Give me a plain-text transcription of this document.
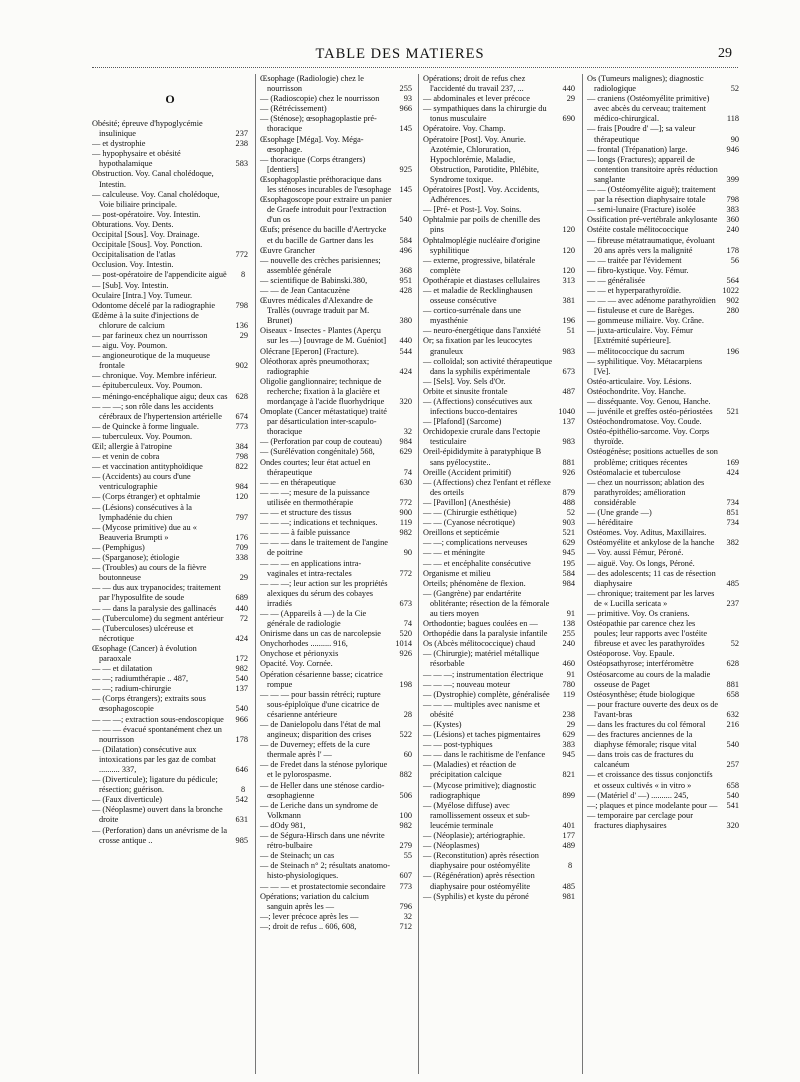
TABLE DES MATIERES	29
O
Obésité; épreuve d'hypoglycémie insulinique	237
— et dystrophie	238
— hypophysaire et obésité hypothalamique	583
Obstruction. Voy. Canal cholédoque, Intestin.
— calculeuse. Voy. Canal cholédoque, Voie biliaire principale.
— post-opératoire. Voy. Intestin.
Obturations. Voy. Dents.
Occipital [Sous]. Voy. Drainage.
Occipitale [Sous]. Voy. Ponction.
Occipitalisation de l'atlas	772
Occlusion. Voy. Intestin.
— post-opératoire de l'appendicite aiguë 8
— [Sub]. Voy. Intestin.
Oculaire [Intra.] Voy. Tumeur.
Odontome décelé par la radiographie 798
Œdème à la suite d'injections de chlorure de calcium	136
— par farineux chez un nourrisson	29
— aigu. Voy. Poumon.
— angioneurotique de la muqueuse frontale	902
— chronique. Voy. Membre inférieur.
— épituberculeux. Voy. Poumon.
— méningo-encéphalique aigu; deux cas 628
— — —; son rôle dans les accidents cérébraux de l'hypertension artérielle 674
— de Quincke à forme linguale.	773
— tuberculeux. Voy. Poumon.
Œil; allergie à l'atropine	384
— et venin de cobra	798
— et vaccination antityphoïdique	822
— (Accidents) au cours d'une ventriculographie	984
— (Corps étranger) et ophtalmie	120
— (Lésions) consécutives à la lymphadénie du chien	797
— (Mycose primitive) due au « Beauveria Brumpti »	176
— (Pemphigus)	709
— (Sparganose); étiologie	338
— (Troubles) au cours de la fièvre boutonneuse	29
— — dus aux trypanocides; traitement par l'hyposulfite de soude	689
— — dans la paralysie des gallinacés 440
— (Tuberculome) du segment antérieur 72
— (Tuberculoses) ulcéreuse et nécrotique	424
Œsophage (Cancer) à évolution paraoxale	172
— — et dilatation	982
— —; radiumthérapie .. 487,	540
— —; radium-chirurgie	137
— (Corps étrangers); extraits sous œsophagoscopie	540
— — —; extraction sous-endoscopique 966
— — — évacué spontanément chez un nourrisson	178
— (Dilatation) consécutive aux intoxications par les gaz de combat .......... 337,	646
— (Diverticule); ligature du pédicule; résection; guérison.	8
— (Faux diverticule)	542
— (Néoplasme) ouvert dans la bronche droite	631
— (Perforation) dans un anévrisme de la crosse antique ..	985
Œsophage (Radiologie) chez le nourrisson	255
— (Radioscopie) chez le nourrisson	93
— (Rétrécissement)	966
— (Sténose); œsophagoplastie pré-thoracique	145
Œsophage [Méga]. Voy. Méga-œsophage.
— thoracique (Corps étrangers) [dentiers]	925
Œsophagoplastie préthoracique dans les sténoses incurables de l'œsophage 145
Œsophagoscope pour extraire un panier de Graefe introduit pour l'extraction d'un os	540
Œufs; présence du bacille d'Aertrycke et du bacille de Gartner dans les	584
Œuvre Grancher	496
— nouvelle des crèches parisiennes; assemblée générale	368
— scientifique de Babinski.380,	951
— — de Jean Cantacuzène	428
Œuvres médicales d'Alexandre de Trallès (ouvrage traduit par M. Brunet)	380
Oiseaux - Insectes - Plantes (Aperçu sur les —) [ouvrage de M. Guéniot] 440
Olécrane [Eperon] (Fracture).	544
Oléothorax après pneumothorax; radiographie	424
Oligolie ganglionnaire; technique de recherche; fixation à la glacière et mordançage à l'acide fluorhydrique 320
Omoplate (Cancer métastatique) traité par désarticulation inter-scapulo-thoracique	32
— (Perforation par coup de couteau) 984
— (Surélévation congénitale) 568,	629
Ondes courtes; leur état actuel en thérapeutique	74
— — en thérapeutique	630
— — —; mesure de la puissance utilisée en thermothérapie	772
— — et structure des tissus	900
— — —; indications et techniques.	119
— — — à faible puissance	982
— — — dans le traitement de l'angine de poitrine	90
— — — en applications intra-vaginales et intra-rectales	772
— — —; leur action sur les propriétés alexiques du sérum des cobayes irradiés	673
— — (Appareils à —) de la Cie générale de radiologie	74
Onirisme dans un cas de narcolepsie 520
Onychorhodes .......... 916,	1014
Onychose et périonyxis	926
Opacité. Voy. Cornée.
Opération césarienne basse; cicatrice rompue	198
— — — pour bassin rétréci; rupture sous-épiploïque d'une cicatrice de césarienne antérieure	28
— de Danielopolu dans l'état de mal angineux; disparition des crises	522
— de Duverney; effets de la cure thermale après l' —	60
— de Fredet dans la sténose pylorique et le pylorospasme.	882
— de Heller dans une sténose cardio-œsophagienne	506
— de Leriche dans un syndrome de Volkmann	100
— dOdy 981,	982
— de Ségura-Hirsch dans une névrite rétro-bulbaire	279
— de Steinach; un cas	55
— de Steinach n° 2; résultats anatomo-histo-physiologiques.	607
— — — et prostatectomie secondaire 773
Opérations; variation du calcium sanguin après les —	796
—; lever précoce après les —	32
—; droit de refus .. 606, 608,	712
Opérations; droit de refus chez l'accidenté du travail 237, ...	440
— abdominales et lever précoce	29
— sympathiques dans la chirurgie du tonus musculaire	690
Opératoire. Voy. Champ.
Opératoire [Post]. Voy. Anurie. Azotémie, Chloruration, Hypochlorémie, Maladie, Obstruction, Parotidite, Phlébite, Syndrome toxique.
Opératoires [Post]. Voy. Accidents, Adhérences.
— [Pré- et Post-]. Voy. Soins.
Ophtalmie par poils de chenille des pins	120
Ophtalmoplégie nucléaire d'origine syphilitique	120
— externe, progressive, bilatérale complète	120
Opothérapie et diastases cellulaires	313
— et maladie de Recklinghausen osseuse consécutive	381
— cortico-surrénale dans une myasthénie	196
— neuro-énergétique dans l'anxiété	51
Or; sa fixation par les leucocytes granuleux	983
— colloïdal; son activité thérapeutique dans la syphilis expérimentale	673
— [Sels]. Voy. Sels d'Or.
Orbite et sinusite frontale	487
— (Affections) consécutives aux infections bucco-dentaires	1040
— [Plafond] (Sarcome)	137
Orchidopexie crurale dans l'ectopie testiculaire	983
Oreil-épididymite à paratyphique B sans pyélocystite..	881
Oreille (Accident primitif)	926
— (Affections) chez l'enfant et réflexe des orteils	879
— [Pavillon] (Anesthésie)	488
— — (Chirurgie esthétique)	52
— — (Cyanose nécrotique)	903
Oreillons et septicémie	521
— —; complications nerveuses	629
— — et méningite	945
— — et encéphalite consécutive	195
Organisme et milieu	584
Orteils; phénomène de flexion.	984
— (Gangrène) par endartérite oblitérante; résection de la fémorale au tiers moyen	91
Orthodontie; bagues coulées en —	138
Orthopédie dans la paralysie infantile 255
Os (Abcès mélitococcique) chaud	240
— (Chirurgie); matériel métallique résorbable	460
— — —; instrumentation électrique	91
— — —; nouveau moteur	780
— (Dystrophie) complète, généralisée 119
— — — multiples avec nanisme et obésité	238
— (Kystes)	29
— (Lésions) et taches pigmentaires	629
— — post-typhiques	383
— — dans le rachitisme de l'enfance 945
— (Maladies) et réaction de précipitation calcique	821
— (Mycose primitive); diagnostic radiographique	899
— (Myélose diffuse) avec ramollissement osseux et sub-leucémie terminale	401
— (Néoplasie); artériographie.	177
— (Néoplasmes)	489
— (Reconstitution) après résection diaphysaire pour ostéomyélite	8
— (Régénération) après résection diaphysaire pour ostéomyélite	485
— (Syphilis) et kyste du péroné	981
Os (Tumeurs malignes); diagnostic radiologique	52
— craniens (Ostéomyélite primitive) avec abcès du cerveau; traitement médico-chirurgical.	118
— frais [Poudre d' —]; sa valeur thérapeutique	90
— frontal (Trépanation) large.	946
— longs (Fractures); appareil de contention transitoire après réduction sanglante	399
— — (Ostéomyélite aiguë); traitement par la résection diaphysaire totale	798
— semi-lunaire (Fracture) isolée	383
Ossification pré-vertébrale ankylosante 360
Ostéite costale mélitococcique	240
— fibreuse métatraumatique, évoluant 20 ans après vers la malignité	178
— — traitée par l'évidement	56
— fibro-kystique. Voy. Fémur.
— — généralisée	564
— — et hyperparathyroïdie.	1022
— — — avec adénome parathyroïdien 902
— fistuleuse et cure de Barèges.	280
— gommeuse miliaire. Voy. Crâne.
— juxta-articulaire. Voy. Fémur [Extrémité supérieure].
— mélitococcique du sacrum	196
— syphilitique. Voy. Métacarpiens [Ve].
Ostéo-articulaire. Voy. Lésions.
Ostéochondrite. Voy. Hanche.
— disséquante. Voy. Genou, Hanche.
— juvénile et greffes ostéo-périostées 521
Ostéochondromatose. Voy. Coude.
Ostéo-épithélio-sarcome. Voy. Corps thyroïde.
Ostéogénèse; positions actuelles de son problème; critiques récentes	169
Ostéomalacie et tuberculose	424
— chez un nourrisson; ablation des parathyroïdes; amélioration considérable	734
— (Une grande —)	851
— héréditaire	734
Ostéomes. Voy. Aditus, Maxillaires.
Ostéomyélite et ankylose de la hanche 382
— Voy. aussi Fémur, Péroné.
— aiguë. Voy. Os longs, Péroné.
— des adolescents; 11 cas de résection diaphysaire	485
— chronique; traitement par les larves de « Lucilla sericata »	237
— primitive. Voy. Os craniens.
Ostéopathie par carence chez les poules; leur rapports avec l'ostéite fibreuse et avec les parathyroïdes	52
Ostéoporose. Voy. Epaule.
Ostéopsathyrose; interféromètre	628
Ostéosarcome au cours de la maladie osseuse de Paget	881
Ostéosynthèse; étude biologique	658
— pour fracture ouverte des deux os de l'avant-bras	632
— dans les fractures du col fémoral	216
— des fractures anciennes de la diaphyse fémorale; risque vital	540
— dans trois cas de fractures du calcanéum	257
— et croissance des tissus conjonctifs et osseux cultivés « in vitro »	658
— (Matériel d' —) .......... 245,	540
—; plaques et pince modelante pour — 541
— temporaire par cerclage pour fractures diaphysaires	320
